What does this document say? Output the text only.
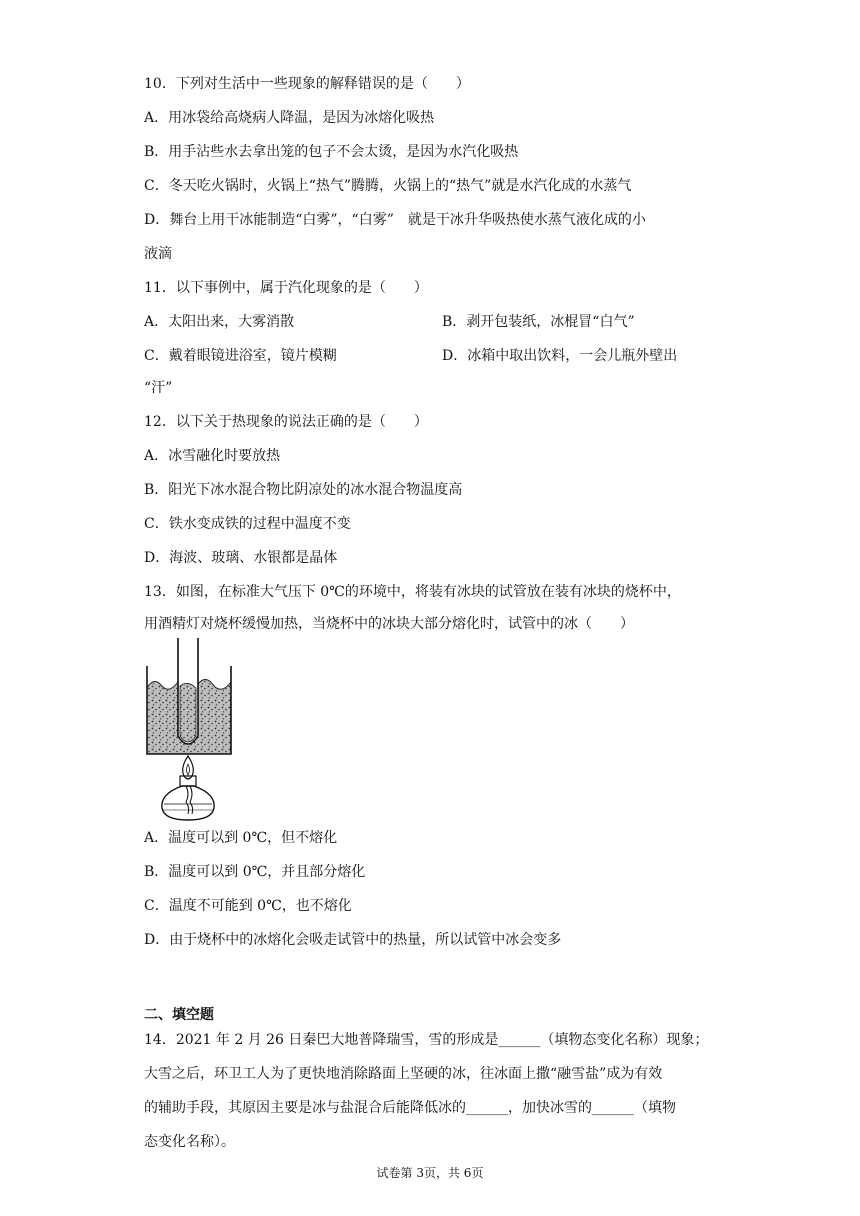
10．下列对生活中一些现象的解释错误的是（　　）
A．用冰袋给高烧病人降温，是因为冰熔化吸热
B．用手沾些水去拿出笼的包子不会太烫，是因为水汽化吸热
C．冬天吃火锅时，火锅上“热气”腾腾，火锅上的“热气”就是水汽化成的水蒸气
D．舞台上用干冰能制造“白雾”，“白雾”　就是干冰升华吸热使水蒸气液化成的小
液滴
11．以下事例中，属于汽化现象的是（　　）
A．太阳出来，大雾消散	B．剥开包装纸，冰棍冒“白气”
C．戴着眼镜进浴室，镜片模糊	D．冰箱中取出饮料，一会儿瓶外壁出
“汗”
12．以下关于热现象的说法正确的是（　　）
A．冰雪融化时要放热
B．阳光下冰水混合物比阴凉处的冰水混合物温度高
C．铁水变成铁的过程中温度不变
D．海波、玻璃、水银都是晶体
13．如图，在标准大气压下 0℃的环境中，将装有冰块的试管放在装有冰块的烧杯中，
用酒精灯对烧杯缓慢加热，当烧杯中的冰块大部分熔化时，试管中的冰（　　）
A．温度可以到 0℃，但不熔化
B．温度可以到 0℃，并且部分熔化
C．温度不可能到 0℃，也不熔化
D．由于烧杯中的冰熔化会吸走试管中的热量，所以试管中冰会变多
二、填空题
14．2021 年 2 月 26 日秦巴大地普降瑞雪，雪的形成是______（填物态变化名称）现象；
大雪之后，环卫工人为了更快地消除路面上坚硬的冰，往冰面上撒“融雪盐”成为有效
的辅助手段，其原因主要是冰与盐混合后能降低冰的______，加快冰雪的______（填物
态变化名称）。
试卷第 3页，共 6页
